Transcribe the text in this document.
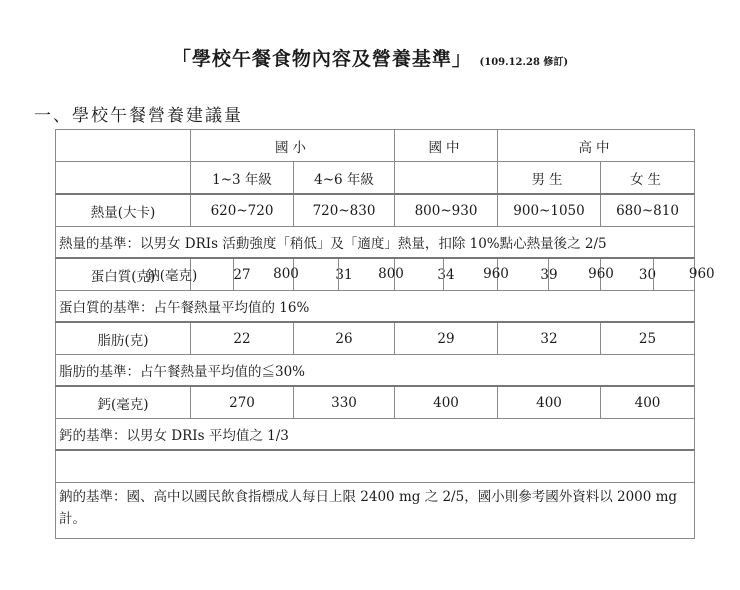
「學校午餐食物內容及營養基準」 (109.12.28 修訂)
一、學校午餐營養建議量
	國小	國中	高中
	1~3 年級	4~6 年級		男生	女生
熱量(大卡)	620~720	720~830	800~930	900~1050	680~810
熱量的基準：以男女 DRIs 活動強度「稍低」及「適度」熱量，扣除 10%點心熱量後之 2/5
蛋白質(克)	27	31	34	39	30
蛋白質的基準：占午餐熱量平均值的 16%
脂肪(克)	22	26	29	32	25
脂肪的基準：占午餐熱量平均值的≦30%
鈣(毫克)	270	330	400	400	400
鈣的基準：以男女 DRIs 平均值之 1/3

鈉(毫克)	800	800	960	960	960

鈉的基準：國、高中以國民飲食指標成人每日上限 2400 mg 之 2/5，國小則參考國外資料以 2000 mg 計。
